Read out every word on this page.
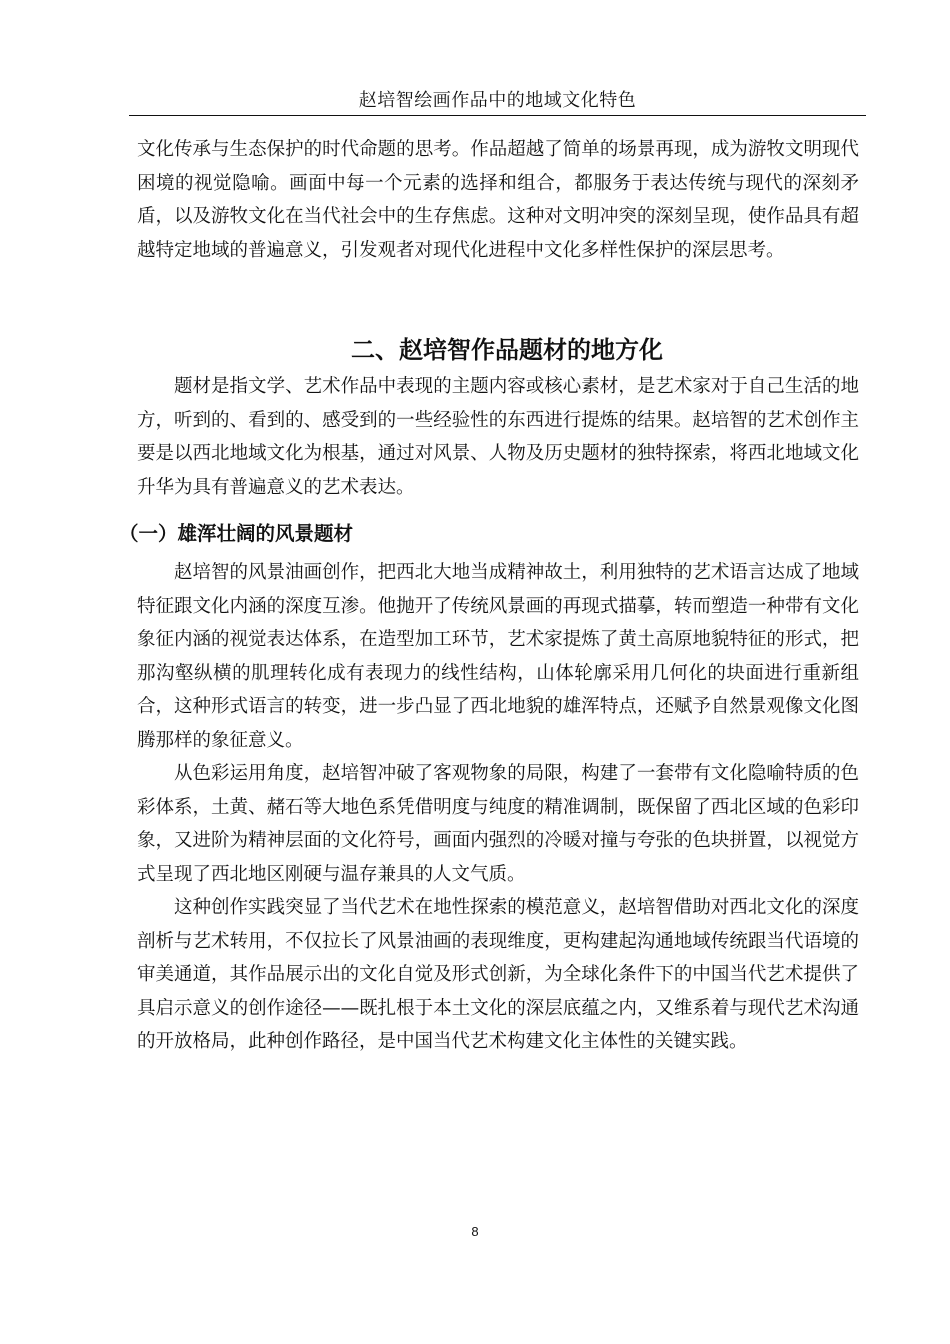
赵培智绘画作品中的地域文化特色

文化传承与生态保护的时代命题的思考。作品超越了简单的场景再现，成为游牧文明现代困境的视觉隐喻。画面中每一个元素的选择和组合，都服务于表达传统与现代的深刻矛盾，以及游牧文化在当代社会中的生存焦虑。这种对文明冲突的深刻呈现，使作品具有超越特定地域的普遍意义，引发观者对现代化进程中文化多样性保护的深层思考。

二、赵培智作品题材的地方化

题材是指文学、艺术作品中表现的主题内容或核心素材，是艺术家对于自己生活的地方，听到的、看到的、感受到的一些经验性的东西进行提炼的结果。赵培智的艺术创作主要是以西北地域文化为根基，通过对风景、人物及历史题材的独特探索，将西北地域文化升华为具有普遍意义的艺术表达。

（一）雄浑壮阔的风景题材

赵培智的风景油画创作，把西北大地当成精神故土，利用独特的艺术语言达成了地域特征跟文化内涵的深度互渗。他抛开了传统风景画的再现式描摹，转而塑造一种带有文化象征内涵的视觉表达体系，在造型加工环节，艺术家提炼了黄土高原地貌特征的形式，把那沟壑纵横的肌理转化成有表现力的线性结构，山体轮廓采用几何化的块面进行重新组合，这种形式语言的转变，进一步凸显了西北地貌的雄浑特点，还赋予自然景观像文化图腾那样的象征意义。

从色彩运用角度，赵培智冲破了客观物象的局限，构建了一套带有文化隐喻特质的色彩体系，土黄、赭石等大地色系凭借明度与纯度的精准调制，既保留了西北区域的色彩印象，又进阶为精神层面的文化符号，画面内强烈的冷暖对撞与夸张的色块拼置，以视觉方式呈现了西北地区刚硬与温存兼具的人文气质。

这种创作实践突显了当代艺术在地性探索的模范意义，赵培智借助对西北文化的深度剖析与艺术转用，不仅拉长了风景油画的表现维度，更构建起沟通地域传统跟当代语境的审美通道，其作品展示出的文化自觉及形式创新，为全球化条件下的中国当代艺术提供了具启示意义的创作途径——既扎根于本土文化的深层底蕴之内，又维系着与现代艺术沟通的开放格局，此种创作路径，是中国当代艺术构建文化主体性的关键实践。

8
